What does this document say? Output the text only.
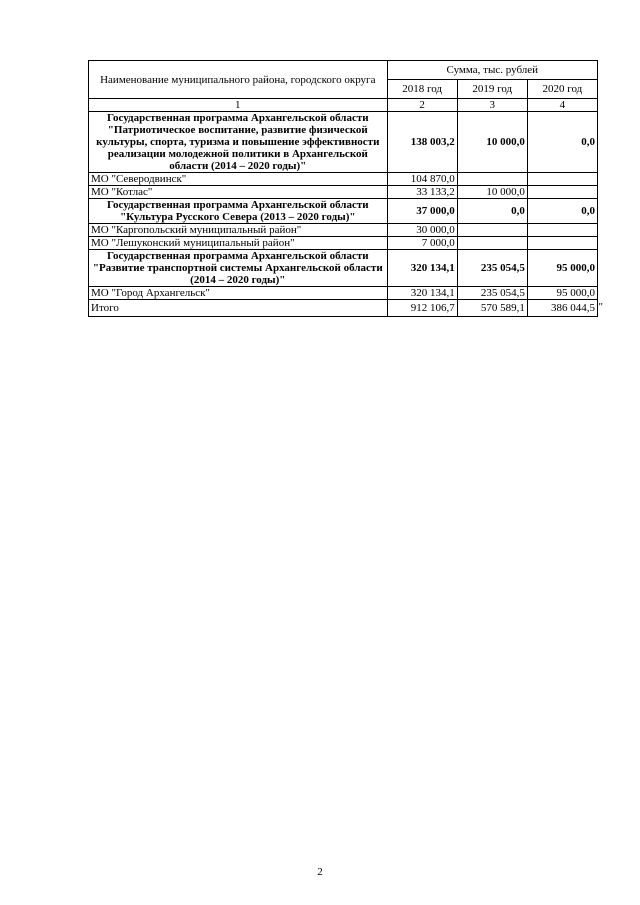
Наименование муниципального района, городского округа	Сумма, тыс. рублей		
	2018 год	2019 год	2020 год
1	2	3	4
Государственная программа Архангельской области "Патриотическое воспитание, развитие физической культуры, спорта, туризма и повышение эффективности реализации молодежной политики в Архангельской области (2014 – 2020 годы)"	138 003,2	10 000,0	0,0
МО "Северодвинск"	104 870,0		
МО "Котлас"	33 133,2	10 000,0	
Государственная программа Архангельской области "Культура Русского Севера (2013 – 2020 годы)"	37 000,0	0,0	0,0
МО "Каргопольский муниципальный район"	30 000,0		
МО "Лешуконский муниципальный район"	7 000,0		
Государственная программа Архангельской области "Развитие транспортной системы Архангельской области (2014 – 2020 годы)"	320 134,1	235 054,5	95 000,0
МО "Город Архангельск"	320 134,1	235 054,5	95 000,0
Итого	912 106,7	570 589,1	386 044,5 "
2
